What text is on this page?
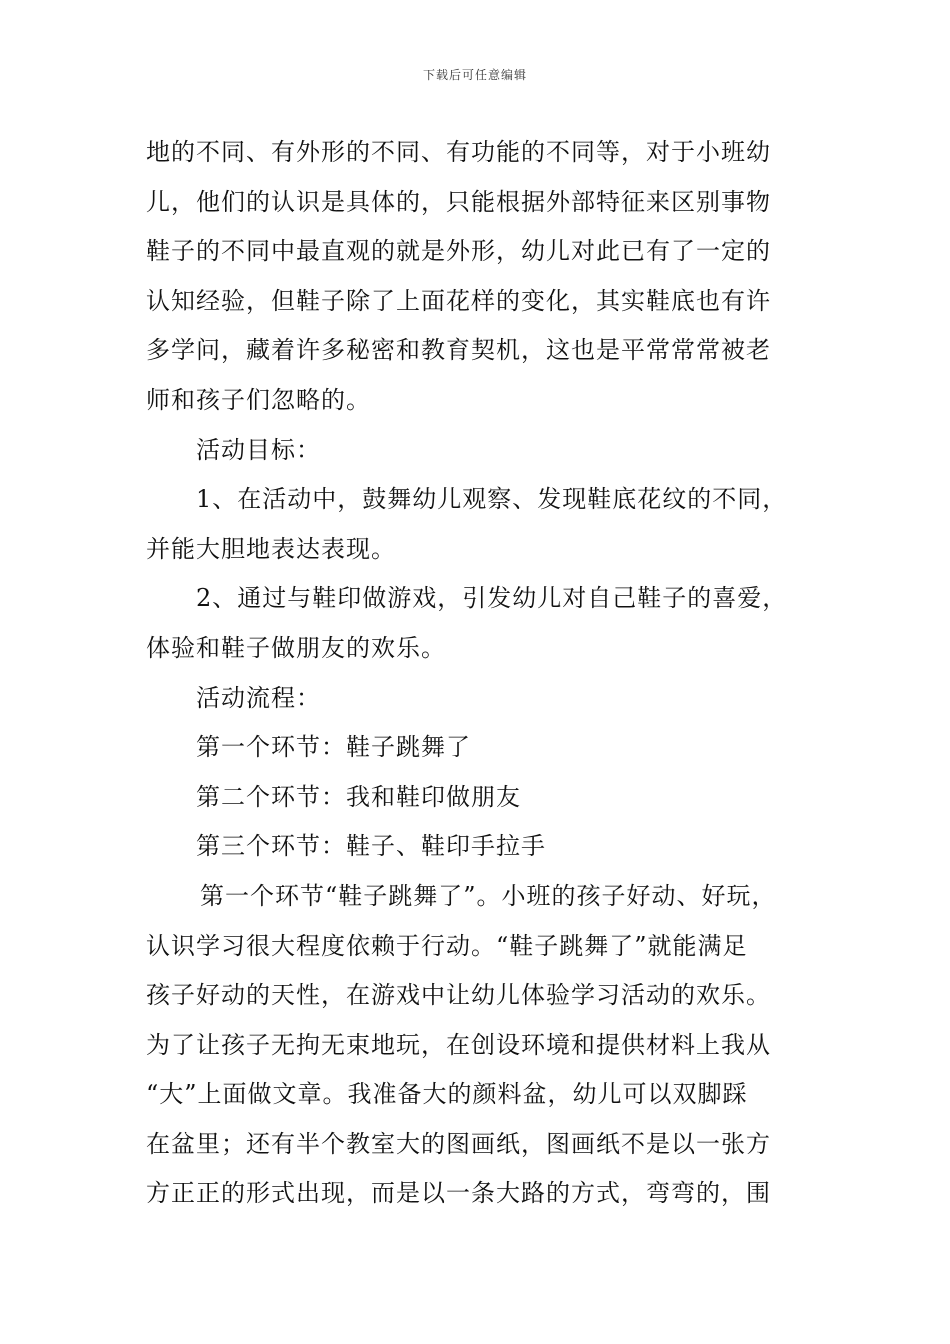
下载后可任意编辑
地的不同、有外形的不同、有功能的不同等，对于小班幼
儿，他们的认识是具体的，只能根据外部特征来区别事物
鞋子的不同中最直观的就是外形，幼儿对此已有了一定的
认知经验，但鞋子除了上面花样的变化，其实鞋底也有许
多学问，藏着许多秘密和教育契机，这也是平常常常被老
师和孩子们忽略的。
活动目标：
1、在活动中，鼓舞幼儿观察、发现鞋底花纹的不同，
并能大胆地表达表现。
2、通过与鞋印做游戏，引发幼儿对自己鞋子的喜爱，
体验和鞋子做朋友的欢乐。
活动流程：
第一个环节：鞋子跳舞了
第二个环节：我和鞋印做朋友
第三个环节：鞋子、鞋印手拉手
第一个环节“鞋子跳舞了”。小班的孩子好动、好玩，
认识学习很大程度依赖于行动。“鞋子跳舞了”就能满足
孩子好动的天性，在游戏中让幼儿体验学习活动的欢乐。
为了让孩子无拘无束地玩，在创设环境和提供材料上我从
“大”上面做文章。我准备大的颜料盆，幼儿可以双脚踩
在盆里；还有半个教室大的图画纸，图画纸不是以一张方
方正正的形式出现，而是以一条大路的方式，弯弯的，围
